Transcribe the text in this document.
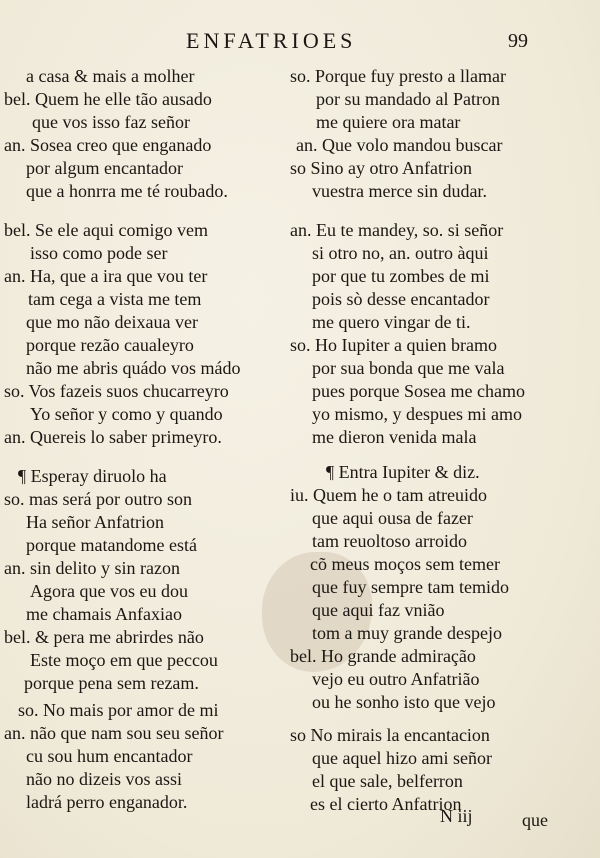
ENFATRIOES	99
a casa & mais a molher
bel. Quem he elle tão ausado
que vos isso faz señor
an. Sosea creo que enganado
por algum encantador
que a honrra me té roubado.
bel. Se ele aqui comigo vem
isso como pode ser
an. Ha, que a ira que vou ter
tam cega a vista me tem
que mo não deixaua ver
porque rezão caualeyro
não me abris quádo vos mádo
so. Vos fazeis suos chucarreyro
Yo señor y como y quando
an. Quereis lo saber primeyro.
¶ Esperay diruolo ha
so. mas será por outro son
Ha señor Anfatrion
porque matandome está
an. sin delito y sin razon
Agora que vos eu dou
me chamais Anfaxiao
bel. & pera me abrirdes não
Este moço em que peccou
porque pena sem rezam.
so. No mais por amor de mi
an. não que nam sou seu señor
cu sou hum encantador
não no dizeis vos assi
ladrá perro enganador.
so. Porque fuy presto a llamar
por su mandado al Patron
me quiere ora matar
an. Que volo mandou buscar
so Sino ay otro Anfatrion
vuestra merce sin dudar.
an. Eu te mandey, so. si señor
si otro no, an. outro àqui
por que tu zombes de mi
pois sò desse encantador
me quero vingar de ti.
so. Ho Iupiter a quien bramo
por sua bonda que me vala
pues porque Sosea me chamo
yo mismo, y despues mi amo
me dieron venida mala
¶ Entra Iupiter & diz.
iu. Quem he o tam atreuido
que aqui ousa de fazer
tam reuoltoso arroido
cõ meus moços sem temer
que fuy sempre tam temido
que aqui faz vnião
tom a muy grande despejo
bel. Ho grande admiração
vejo eu outro Anfatrião
ou he sonho isto que vejo
so No mirais la encantacion
que aquel hizo ami señor
el que sale, belferron
es el cierto Anfatrion
N iij	que
